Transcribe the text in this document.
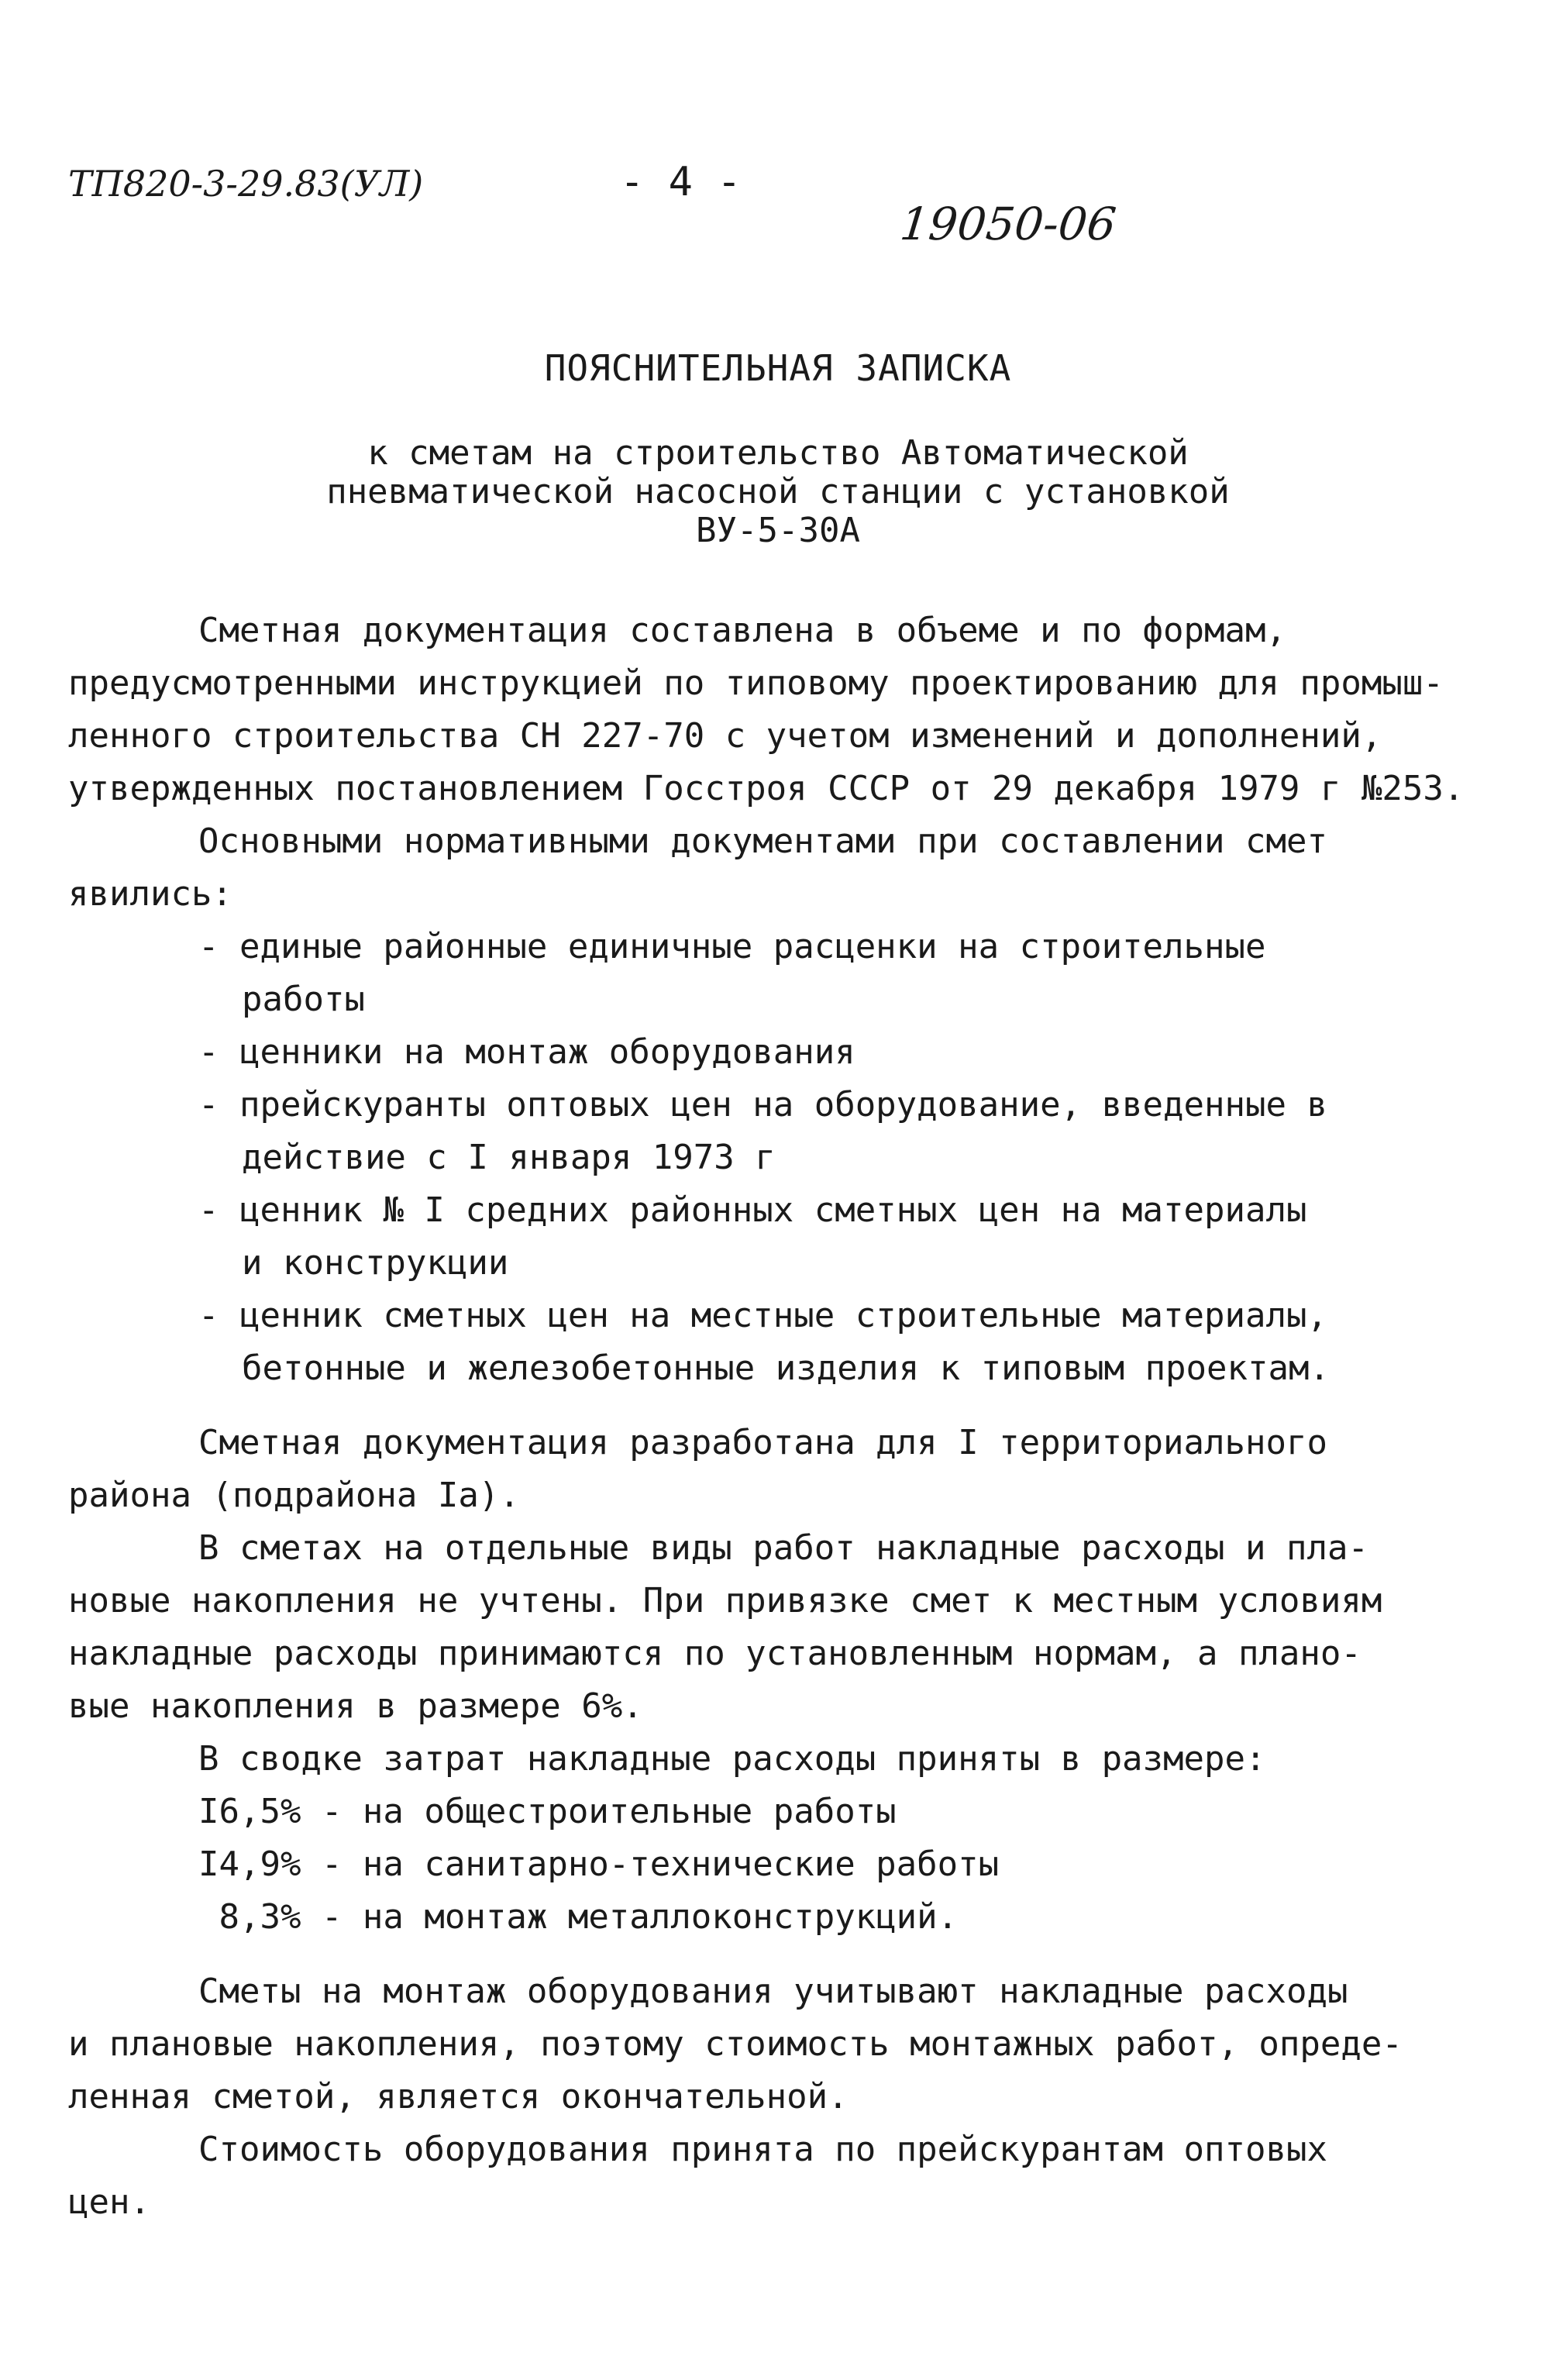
ТП820-3-29.83(УЛ)	- 4 -
19050-06
ПОЯСНИТЕЛЬНАЯ ЗАПИСКА
к сметам на строительство Автоматической
пневматической насосной станции с установкой
ВУ-5-30А
Сметная документация составлена в объеме и по формам,
предусмотренными инструкцией по типовому проектированию для промыш-
ленного строительства СН 227-70 с учетом изменений и дополнений,
утвержденных постановлением Госстроя СССР от 29 декабря 1979 г №253.
Основными нормативными документами при составлении смет
явились:
- единые районные единичные расценки на строительные
работы
- ценники на монтаж оборудования
- прейскуранты оптовых цен на оборудование, введенные в
действие с I января 1973 г
- ценник № I средних районных сметных цен на материалы
и конструкции
- ценник сметных цен на местные строительные материалы,
бетонные и железобетонные изделия к типовым проектам.
Сметная документация разработана для I территориального
района (подрайона Iа).
В сметах на отдельные виды работ накладные расходы и пла-
новые накопления не учтены. При привязке смет к местным условиям
накладные расходы принимаются по установленным нормам, а плано-
вые накопления в размере 6%.
В сводке затрат накладные расходы приняты в размере:
I6,5% - на общестроительные работы
I4,9% - на санитарно-технические работы
8,3% - на монтаж металлоконструкций.
Сметы на монтаж оборудования учитывают накладные расходы
и плановые накопления, поэтому стоимость монтажных работ, опреде-
ленная сметой, является окончательной.
Стоимость оборудования принята по прейскурантам оптовых
цен.
